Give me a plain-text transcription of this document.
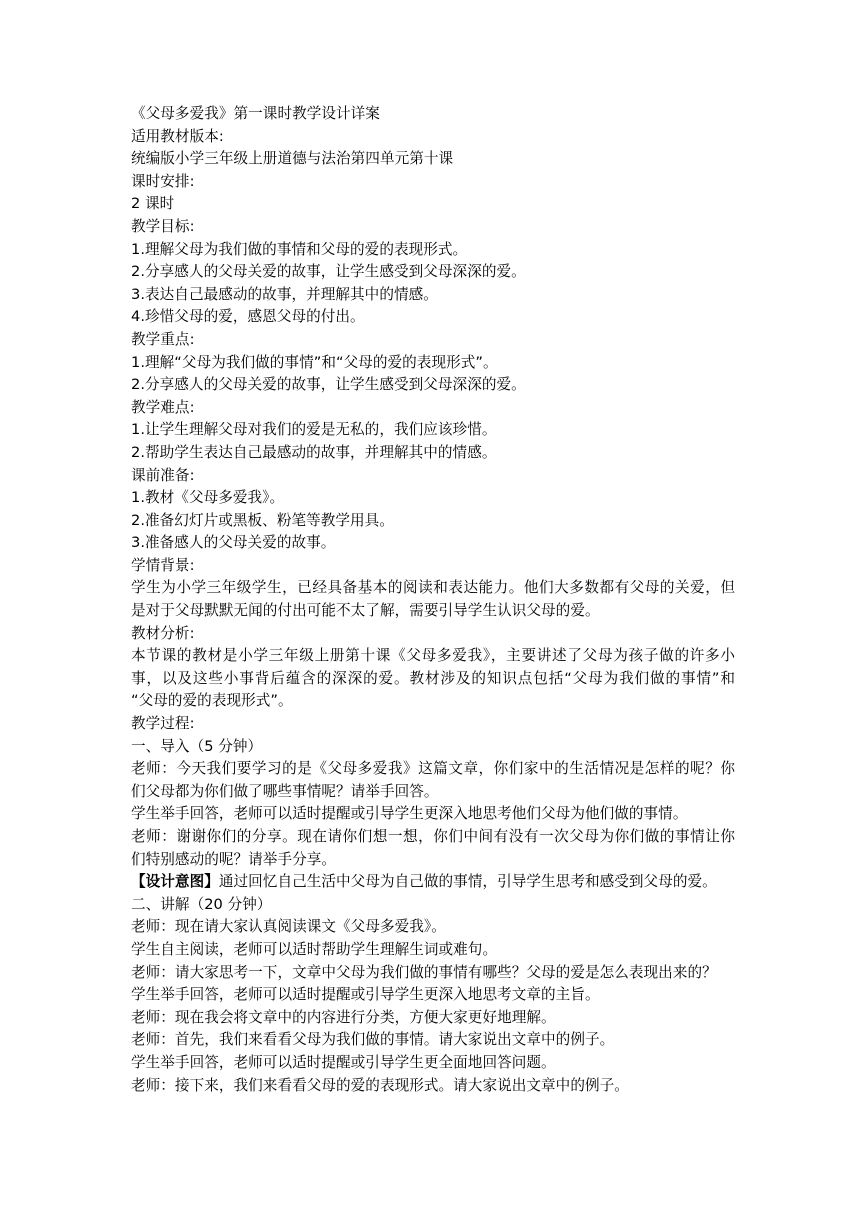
《父母多爱我》第一课时教学设计详案
适用教材版本:
统编版小学三年级上册道德与法治第四单元第十课
课时安排:
2 课时
教学目标:
1.理解父母为我们做的事情和父母的爱的表现形式。
2.分享感人的父母关爱的故事，让学生感受到父母深深的爱。
3.表达自己最感动的故事，并理解其中的情感。
4.珍惜父母的爱，感恩父母的付出。
教学重点:
1.理解“父母为我们做的事情”和“父母的爱的表现形式”。
2.分享感人的父母关爱的故事，让学生感受到父母深深的爱。
教学难点:
1.让学生理解父母对我们的爱是无私的，我们应该珍惜。
2.帮助学生表达自己最感动的故事，并理解其中的情感。
课前准备:
1.教材《父母多爱我》。
2.准备幻灯片或黑板、粉笔等教学用具。
3.准备感人的父母关爱的故事。
学情背景:
学生为小学三年级学生，已经具备基本的阅读和表达能力。他们大多数都有父母的关爱，但
是对于父母默默无闻的付出可能不太了解，需要引导学生认识父母的爱。
教材分析:
本节课的教材是小学三年级上册第十课《父母多爱我》，主要讲述了父母为孩子做的许多小
事，以及这些小事背后蕴含的深深的爱。教材涉及的知识点包括“父母为我们做的事情”和
“父母的爱的表现形式”。
教学过程:
一、导入（5 分钟）
老师：今天我们要学习的是《父母多爱我》这篇文章，你们家中的生活情况是怎样的呢？你
们父母都为你们做了哪些事情呢？请举手回答。
学生举手回答，老师可以适时提醒或引导学生更深入地思考他们父母为他们做的事情。
老师：谢谢你们的分享。现在请你们想一想，你们中间有没有一次父母为你们做的事情让你
们特别感动的呢？请举手分享。
【设计意图】通过回忆自己生活中父母为自己做的事情，引导学生思考和感受到父母的爱。
二、讲解（20 分钟）
老师：现在请大家认真阅读课文《父母多爱我》。
学生自主阅读，老师可以适时帮助学生理解生词或难句。
老师：请大家思考一下，文章中父母为我们做的事情有哪些？父母的爱是怎么表现出来的？
学生举手回答，老师可以适时提醒或引导学生更深入地思考文章的主旨。
老师：现在我会将文章中的内容进行分类，方便大家更好地理解。
老师：首先，我们来看看父母为我们做的事情。请大家说出文章中的例子。
学生举手回答，老师可以适时提醒或引导学生更全面地回答问题。
老师：接下来，我们来看看父母的爱的表现形式。请大家说出文章中的例子。
